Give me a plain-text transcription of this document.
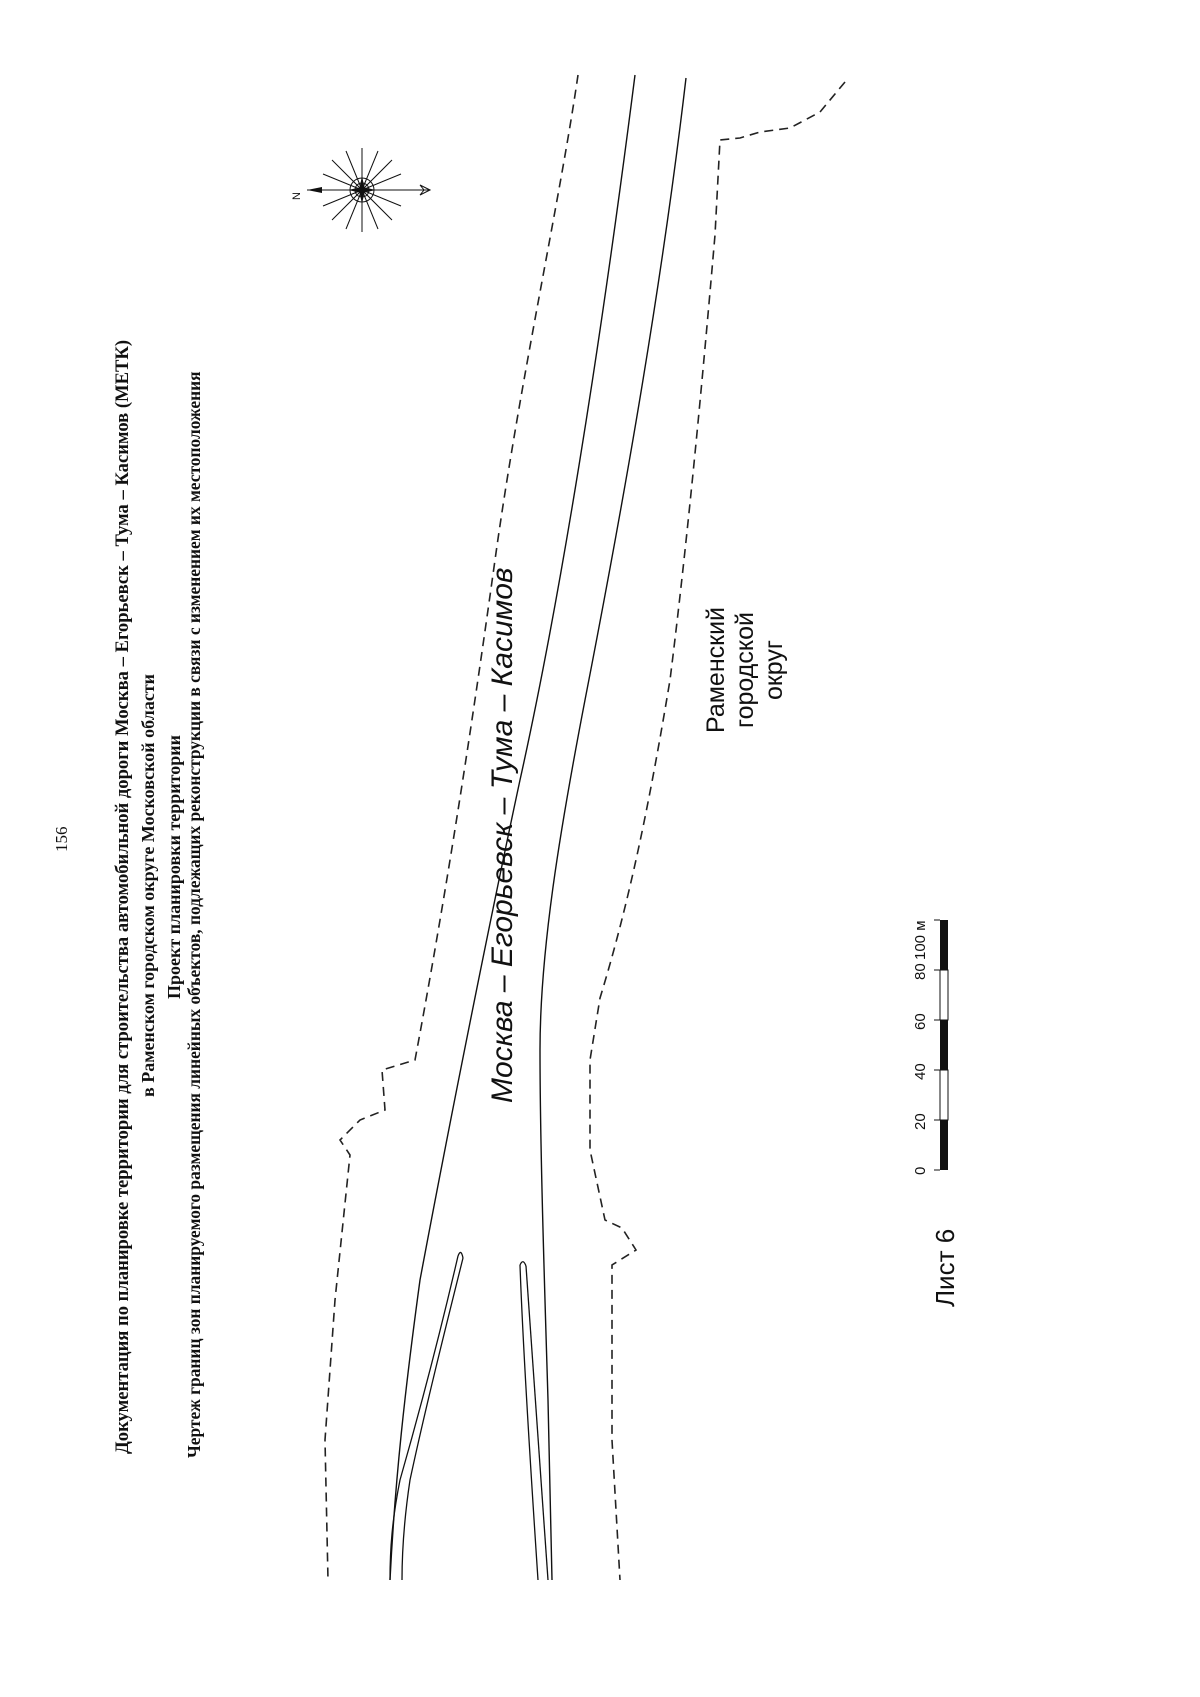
156 Документация по планировке территории для строительства автомобильной дороги Москва – Егорьевск – Тума – Касимов (МЕТК) в Раменском городском округе Московской области Проект планировки территории Чертеж границ зон планируемого размещения линейных объектов, подлежащих реконструкции в связи с изменением их местоположения
N
Москва – Егорьевск – Тума – Касимов	Раменский городской округ
0
20
40
60
80
100 м
Лист 6
